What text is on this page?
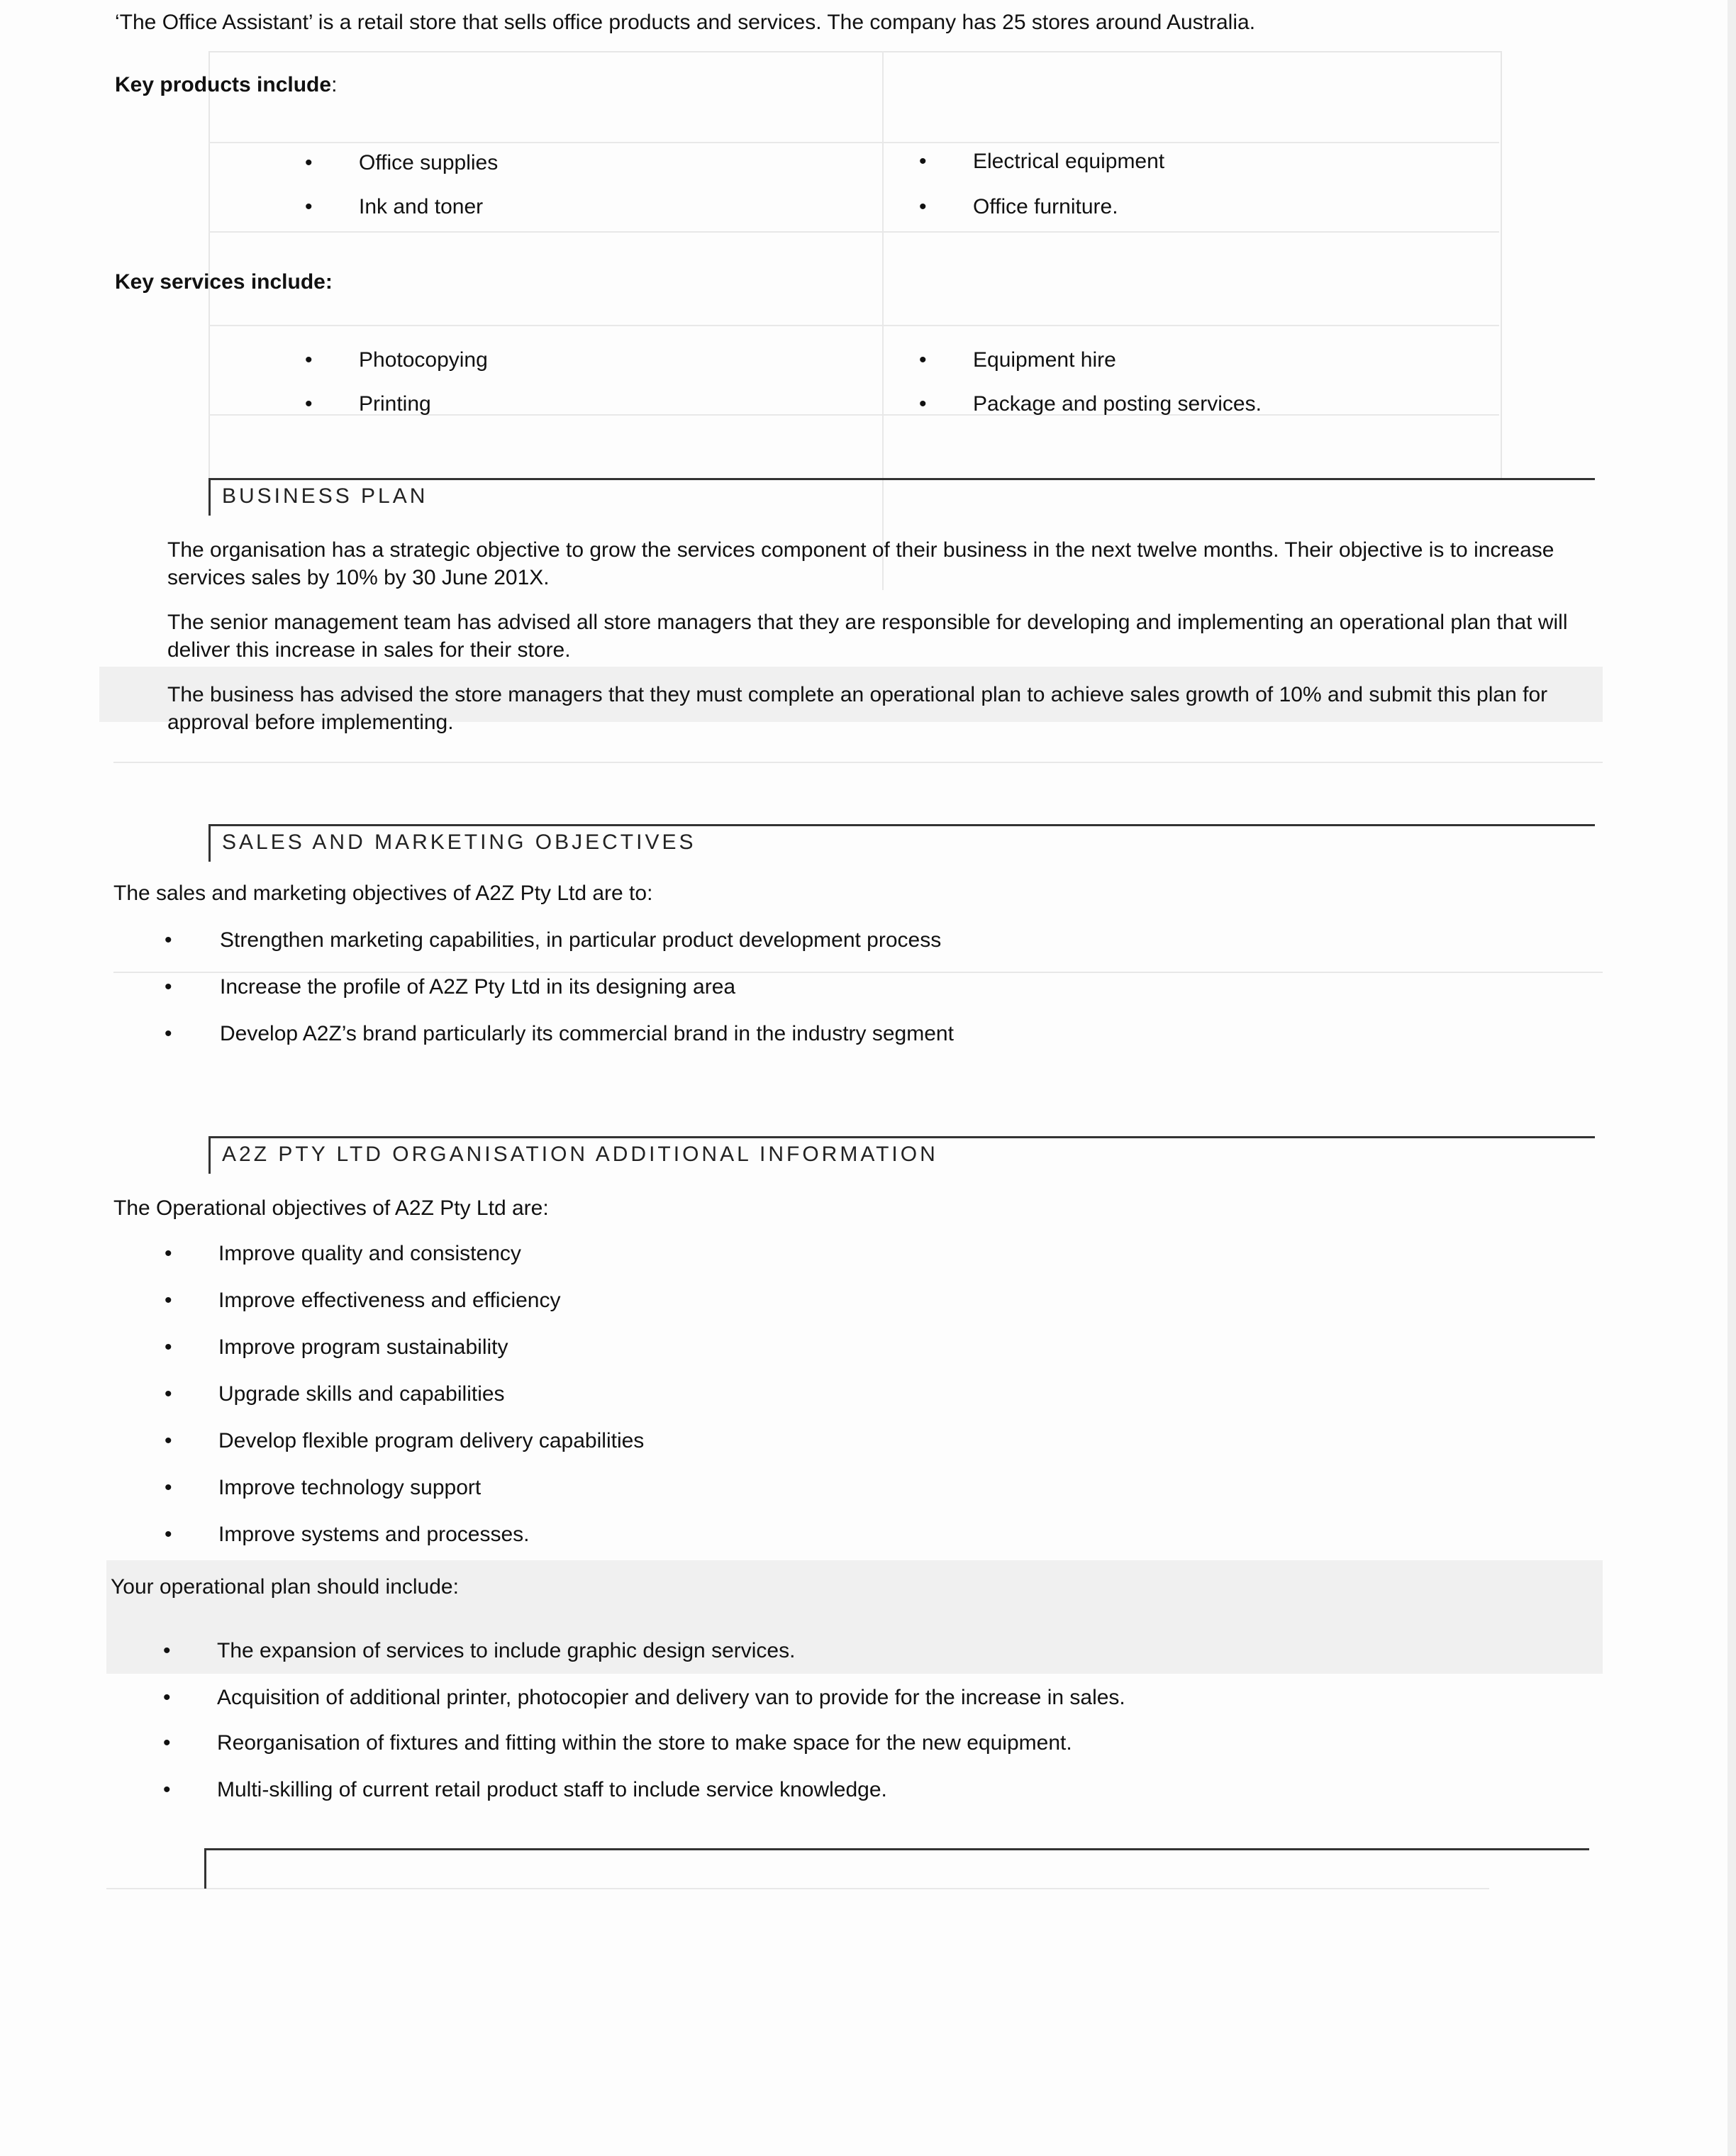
‘The Office Assistant’ is a retail store that sells office products and services. The company has 25 stores around Australia.
Key products include:
• Office supplies
• Ink and toner
• Electrical equipment
• Office furniture.
Key services include:
• Photocopying
• Printing
• Equipment hire
• Package and posting services.
BUSINESS PLAN
The organisation has a strategic objective to grow the services component of their business in the next twelve months. Their objective is to increase services sales by 10% by 30 June 201X.
The senior management team has advised all store managers that they are responsible for developing and implementing an operational plan that will deliver this increase in sales for their store.
The business has advised the store managers that they must complete an operational plan to achieve sales growth of 10% and submit this plan for approval before implementing.
SALES AND MARKETING OBJECTIVES
The sales and marketing objectives of A2Z Pty Ltd are to:
• Strengthen marketing capabilities, in particular product development process
• Increase the profile of A2Z Pty Ltd in its designing area
• Develop A2Z’s brand particularly its commercial brand in the industry segment
A2Z PTY LTD ORGANISATION ADDITIONAL INFORMATION
The Operational objectives of A2Z Pty Ltd are:
• Improve quality and consistency
• Improve effectiveness and efficiency
• Improve program sustainability
• Upgrade skills and capabilities
• Develop flexible program delivery capabilities
• Improve technology support
• Improve systems and processes.
Your operational plan should include:
• The expansion of services to include graphic design services.
• Acquisition of additional printer, photocopier and delivery van to provide for the increase in sales.
• Reorganisation of fixtures and fitting within the store to make space for the new equipment.
• Multi-skilling of current retail product staff to include service knowledge.
